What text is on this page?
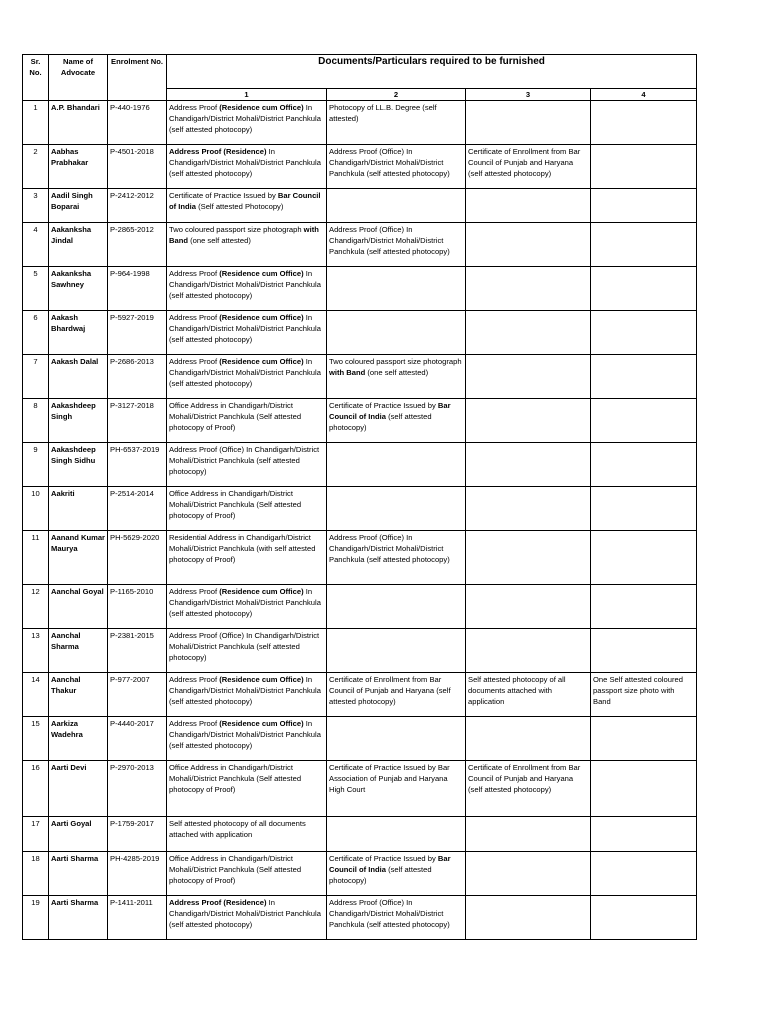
Sr. No.	Name of Advocate	Enrolment No.	Documents/Particulars required to be furnished			
			1	2	3	4
1	A.P. Bhandari	P-440-1976	Address Proof (Residence cum Office) In Chandigarh/District Mohali/District Panchkula (self attested photocopy)	Photocopy of LL.B. Degree (self attested)		
2	Aabhas Prabhakar	P-4501-2018	Address Proof (Residence) In Chandigarh/District Mohali/District Panchkula (self attested photocopy)	Address Proof (Office) In Chandigarh/District Mohali/District Panchkula (self attested photocopy)	Certificate of Enrollment from Bar Council of Punjab and Haryana (self attested photocopy)	
3	Aadil Singh Boparai	P-2412-2012	Certificate of Practice Issued by Bar Council of India (Self attested Photocopy)			
4	Aakanksha Jindal	P-2865-2012	Two coloured passport size photograph with Band (one self attested)	Address Proof (Office) In Chandigarh/District Mohali/District Panchkula (self attested photocopy)		
5	Aakanksha Sawhney	P-964-1998	Address Proof (Residence cum Office) In Chandigarh/District Mohali/District Panchkula (self attested photocopy)			
6	Aakash Bhardwaj	P-5927-2019	Address Proof (Residence cum Office) In Chandigarh/District Mohali/District Panchkula (self attested photocopy)			
7	Aakash Dalal	P-2686-2013	Address Proof (Residence cum Office) In Chandigarh/District Mohali/District Panchkula (self attested photocopy)	Two coloured passport size photograph with Band (one self attested)		
8	Aakashdeep Singh	P-3127-2018	Office Address in Chandigarh/District Mohali/District Panchkula (Self attested photocopy of Proof)	Certificate of Practice Issued by Bar Council of India (self attested photocopy)		
9	Aakashdeep Singh Sidhu	PH-6537-2019	Address Proof (Office) In Chandigarh/District Mohali/District Panchkula (self attested photocopy)			
10	Aakriti	P-2514-2014	Office Address in Chandigarh/District Mohali/District Panchkula (Self attested photocopy of Proof)			
11	Aanand Kumar Maurya	PH-5629-2020	Residential Address in Chandigarh/District Mohali/District Panchkula (with self attested photocopy of Proof)	Address Proof (Office) In Chandigarh/District Mohali/District Panchkula (self attested photocopy)		
12	Aanchal Goyal	P-1165-2010	Address Proof (Residence cum Office) In Chandigarh/District Mohali/District Panchkula (self attested photocopy)			
13	Aanchal Sharma	P-2381-2015	Address Proof (Office) In Chandigarh/District Mohali/District Panchkula (self attested photocopy)			
14	Aanchal Thakur	P-977-2007	Address Proof (Residence cum Office) In Chandigarh/District Mohali/District Panchkula (self attested photocopy)	Certificate of Enrollment from Bar Council of Punjab and Haryana (self attested photocopy)	Self attested photocopy of all documents attached with application	One Self attested coloured passport size photo with Band
15	Aarkiza Wadehra	P-4440-2017	Address Proof (Residence cum Office) In Chandigarh/District Mohali/District Panchkula (self attested photocopy)			
16	Aarti Devi	P-2970-2013	Office Address in Chandigarh/District Mohali/District Panchkula (Self attested photocopy of Proof)	Certificate of Practice Issued by Bar Association of Punjab and Haryana High Court	Certificate of Enrollment from Bar Council of Punjab and Haryana (self attested photocopy)	
17	Aarti Goyal	P-1759-2017	Self attested photocopy of all documents attached with application			
18	Aarti Sharma	PH-4285-2019	Office Address in Chandigarh/District Mohali/District Panchkula (Self attested photocopy of Proof)	Certificate of Practice Issued by Bar Council of India (self attested photocopy)		
19	Aarti Sharma	P-1411-2011	Address Proof (Residence) In Chandigarh/District Mohali/District Panchkula (self attested photocopy)	Address Proof (Office) In Chandigarh/District Mohali/District Panchkula (self attested photocopy)		
